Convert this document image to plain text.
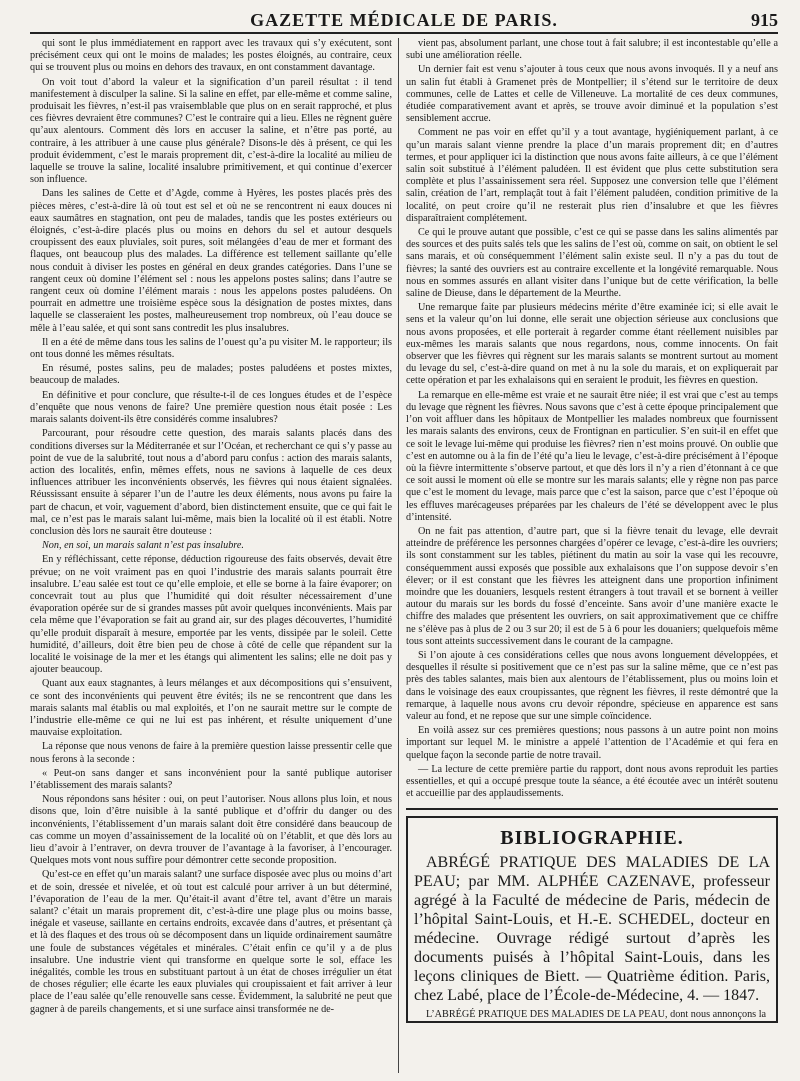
GAZETTE MÉDICALE DE PARIS.	915

qui sont le plus immédiatement en rapport avec les travaux qui s’y exécutent, sont précisément ceux qui ont le moins de malades; les postes éloignés, au contraire, ceux qui se trouvent plus ou moins en dehors des travaux, en ont constamment davantage.

On voit tout d’abord la valeur et la signification d’un pareil résultat : il tend manifestement à disculper la saline. Si la saline en effet, par elle-même et comme saline, produisait les fièvres, n’est-il pas vraisemblable que plus on en serait rapproché, et plus ces fièvres devraient être communes? C’est le contraire qui a lieu. Elles ne règnent guère qu’aux alentours. Comment dès lors en accuser la saline, et n’être pas porté, au contraire, à les attribuer à une cause plus générale? Disons-le dès à présent, ce qui les produit évidemment, c’est le marais proprement dit, c’est-à-dire la localité au milieu de laquelle se trouve la saline, localité insalubre primitivement, et qui continue d’exercer son influence.

Dans les salines de Cette et d’Agde, comme à Hyères, les postes placés près des pièces mères, c’est-à-dire là où tout est sel et où ne se rencontrent ni eaux douces ni eaux saumâtres en stagnation, ont peu de malades, tandis que les postes extérieurs ou éloignés, c’est-à-dire placés plus ou moins en dehors du sel et autour desquels croupissent des eaux pluviales, soit pures, soit mélangées d’eau de mer et formant des flaques, ont beaucoup plus des malades. La différence est tellement saillante qu’elle nous conduit à diviser les postes en général en deux grandes catégories. Dans l’une se rangent ceux où domine l’élément sel : nous les appelons postes salins; dans l’autre se rangent ceux où domine l’élément marais : nous les appelons postes paludéens. On pourrait en admettre une troisième espèce sous la désignation de postes mixtes, dans laquelle se classeraient les postes, malheureusement trop nombreux, où l’eau douce se mêle à l’eau salée, et qui sont sans contredit les plus insalubres.

Il en a été de même dans tous les salins de l’ouest qu’a pu visiter M. le rapporteur; ils ont tous donné les mêmes résultats.

En résumé, postes salins, peu de malades; postes paludéens et postes mixtes, beaucoup de malades.

En définitive et pour conclure, que résulte-t-il de ces longues études et de l’espèce d’enquête que nous venons de faire? Une première question nous était posée : Les marais salants doivent-ils être considérés comme insalubres?

Parcourant, pour résoudre cette question, des marais salants placés dans des conditions diverses sur la Méditerranée et sur l’Océan, et recherchant ce qui s’y passe au point de vue de la salubrité, tout nous a d’abord paru confus : action des marais salants, action des localités, enfin, mêmes effets, nous ne savions à laquelle de ces deux influences attribuer les inconvénients observés, les fièvres qui nous étaient signalées. Réussissant ensuite à séparer l’un de l’autre les deux éléments, nous avons pu faire la part de chacun, et voir, vaguement d’abord, bien distinctement ensuite, que ce qui fait le mal, ce n’est pas le marais salant lui-même, mais bien la localité où il est établi. Notre conclusion dès lors ne saurait être douteuse :

Non, en soi, un marais salant n’est pas insalubre.

En y réfléchissant, cette réponse, déduction rigoureuse des faits observés, devait être prévue; on ne voit vraiment pas en quoi l’industrie des marais salants pourrait être insalubre. L’eau salée est tout ce qu’elle emploie, et elle se borne à la faire évaporer; on concevrait tout au plus que l’humidité qui doit résulter nécessairement d’une évaporation opérée sur de si grandes masses pût avoir quelques inconvénients. Mais par cela même que l’évaporation se fait au grand air, sur des plages découvertes, l’humidité qu’elle produit disparaît à mesure, emportée par les vents, dissipée par le soleil. Cette humidité, d’ailleurs, doit être bien peu de chose à côté de celle que répandent sur la localité le voisinage de la mer et les étangs qui alimentent les salins; elle ne doit pas y ajouter beaucoup.

Quant aux eaux stagnantes, à leurs mélanges et aux décompositions qui s’ensuivent, ce sont des inconvénients qui peuvent être évités; ils ne se rencontrent que dans les marais salants mal établis ou mal exploités, et l’on ne saurait mettre sur le compte de l’industrie elle-même ce qui ne lui est pas inhérent, et résulte uniquement d’une mauvaise exploitation.

La réponse que nous venons de faire à la première question laisse pressentir celle que nous ferons à la seconde :

« Peut-on sans danger et sans inconvénient pour la santé publique autoriser l’établissement des marais salants?

Nous répondons sans hésiter : oui, on peut l’autoriser. Nous allons plus loin, et nous disons que, loin d’être nuisible à la santé publique et d’offrir du danger ou des inconvénients, l’établissement d’un marais salant doit être considéré dans beaucoup de cas comme un moyen d’assainissement de la localité où on l’établit, et que dès lors au lieu d’avoir à l’entraver, on devra trouver de l’avantage à la favoriser, à l’encourager. Quelques mots vont nous suffire pour démontrer cette seconde proposition.

Qu’est-ce en effet qu’un marais salant? une surface disposée avec plus ou moins d’art et de soin, dressée et nivelée, et où tout est calculé pour arriver à un but déterminé, l’évaporation de l’eau de la mer. Qu’était-il avant d’être tel, avant d’être un marais salant? c’était un marais proprement dit, c’est-à-dire une plage plus ou moins basse, inégale et vaseuse, saillante en certains endroits, excavée dans d’autres, et présentant çà et là des flaques et des trous où se décomposent dans un liquide ordinairement saumâtre une foule de substances végétales et minérales. C’était enfin ce qu’il y a de plus insalubre. Une industrie vient qui transforme en quelque sorte le sol, efface les inégalités, comble les trous en substituant partout à un état de choses irrégulier un état de choses régulier; elle écarte les eaux pluviales qui croupissaient et fait arriver à leur place de l’eau salée qu’elle renouvelle sans cesse. Évidemment, la salubrité ne peut que gagner à de pareils changements, et si une surface ainsi transformée ne de-

vient pas, absolument parlant, une chose tout à fait salubre; il est incontestable qu’elle a subi une amélioration réelle.

Un dernier fait est venu s’ajouter à tous ceux que nous avons invoqués. Il y a neuf ans un salin fut établi à Gramenet près de Montpellier; il s’étend sur le territoire de deux communes, celle de Lattes et celle de Villeneuve. La mortalité de ces deux communes, étudiée comparativement avant et après, se trouve avoir diminué et la population s’est sensiblement accrue.

Comment ne pas voir en effet qu’il y a tout avantage, hygiéniquement parlant, à ce qu’un marais salant vienne prendre la place d’un marais proprement dit; en d’autres termes, et pour appliquer ici la distinction que nous avons faite ailleurs, à ce que l’élément salin soit substitué à l’élément paludéen. Il est évident que plus cette substitution sera complète et plus l’assainissement sera réel. Supposez une conversion telle que l’élément salin, création de l’art, remplaçât tout à fait l’élément paludéen, condition primitive de la localité, on peut croire qu’il ne resterait plus rien d’insalubre et que les fièvres disparaîtraient complétement.

Ce qui le prouve autant que possible, c’est ce qui se passe dans les salins alimentés par des sources et des puits salés tels que les salins de l’est où, comme on sait, on obtient le sel sans marais, et où conséquemment l’élément salin existe seul. Il n’y a pas du tout de fièvres; la santé des ouvriers est au contraire excellente et la longévité remarquable. Nous nous en sommes assurés en allant visiter dans l’unique but de cette vérification, la belle saline de Dieuse, dans le département de la Meurthe.

Une remarque faite par plusieurs médecins mérite d’être examinée ici; si elle avait le sens et la valeur qu’on lui donne, elle serait une objection sérieuse aux conclusions que nous avons proposées, et elle porterait à regarder comme étant réellement nuisibles par eux-mêmes les marais salants que nous regardons, nous, comme innocents. On fait observer que les fièvres qui règnent sur les marais salants se montrent surtout au moment du levage du sel, c’est-à-dire quand on met à nu la sole du marais, et on expliquerait par cette opération et par les exhalaisons qui en seraient le produit, les fièvres en question.

La remarque en elle-même est vraie et ne saurait être niée; il est vrai que c’est au temps du levage que règnent les fièvres. Nous savons que c’est à cette époque principalement que l’on voit affluer dans les hôpitaux de Montpellier les malades nombreux que fournissent les marais salants des environs, ceux de Frontignan en particulier. S’en suit-il en effet que ce soit le levage lui-même qui produise les fièvres? rien n’est moins prouvé. On oublie que c’est en automne ou à la fin de l’été qu’a lieu le levage, c’est-à-dire précisément à l’époque où la fièvre intermittente s’observe partout, et que dès lors il n’y a rien d’étonnant à ce que ce soit aussi le moment où elle se montre sur les marais salants; elle y règne non pas parce que c’est le moment du levage, mais parce que c’est la saison, parce que c’est l’époque où les effluves marécageuses préparées par les chaleurs de l’été se développent avec le plus d’intensité.

On ne fait pas attention, d’autre part, que si la fièvre tenait du levage, elle devrait atteindre de préférence les personnes chargées d’opérer ce levage, c’est-à-dire les ouvriers; ils sont constamment sur les tables, piétinent du matin au soir la vase qui les recouvre, conséquemment aussi exposés que possible aux exhalaisons que l’on suppose devoir s’en élever; or il est constant que les fièvres les atteignent dans une proportion infiniment moindre que les douaniers, lesquels restent étrangers à tout travail et se bornent à veiller autour du marais sur les bords du fossé d’enceinte. Sans avoir d’une manière exacte le chiffre des malades que présentent les ouvriers, on sait approximativement que ce chiffre ne s’élève pas à plus de 2 ou 3 sur 20; il est de 5 à 6 pour les douaniers; quelquefois même tous sont atteints successivement dans le courant de la campagne.

Si l’on ajoute à ces considérations celles que nous avons longuement développées, et desquelles il résulte si positivement que ce n’est pas sur la saline même, que ce n’est pas près des tables salantes, mais bien aux alentours de l’établissement, plus ou moins loin et dans le voisinage des eaux croupissantes, que règnent les fièvres, il reste démontré que la remarque, à laquelle nous avons cru devoir répondre, spécieuse en apparence est sans valeur au fond, et ne repose que sur une simple coïncidence.

En voilà assez sur ces premières questions; nous passons à un autre point non moins important sur lequel M. le ministre a appelé l’attention de l’Académie et qui fera en quelque façon la seconde partie de notre travail.

— La lecture de cette première partie du rapport, dont nous avons reproduit les parties essentielles, et qui a occupé presque toute la séance, a été écoutée avec un intérêt soutenu et accueillie par des applaudissements.

BIBLIOGRAPHIE.
ABRÉGÉ PRATIQUE DES MALADIES DE LA PEAU; par MM. ALPHÉE CAZENAVE, professeur agrégé à la Faculté de médecine de Paris, médecin de l’hôpital Saint-Louis, et H.-E. SCHEDEL, docteur en médecine. Ouvrage rédigé surtout d’après les documents puisés à l’hôpital Saint-Louis, dans les leçons cliniques de Biett. — Quatrième édition. Paris, chez Labé, place de l’École-de-Médecine, 4. — 1847.
L’ABRÉGÉ PRATIQUE DES MALADIES DE LA PEAU, dont nous annonçons la
